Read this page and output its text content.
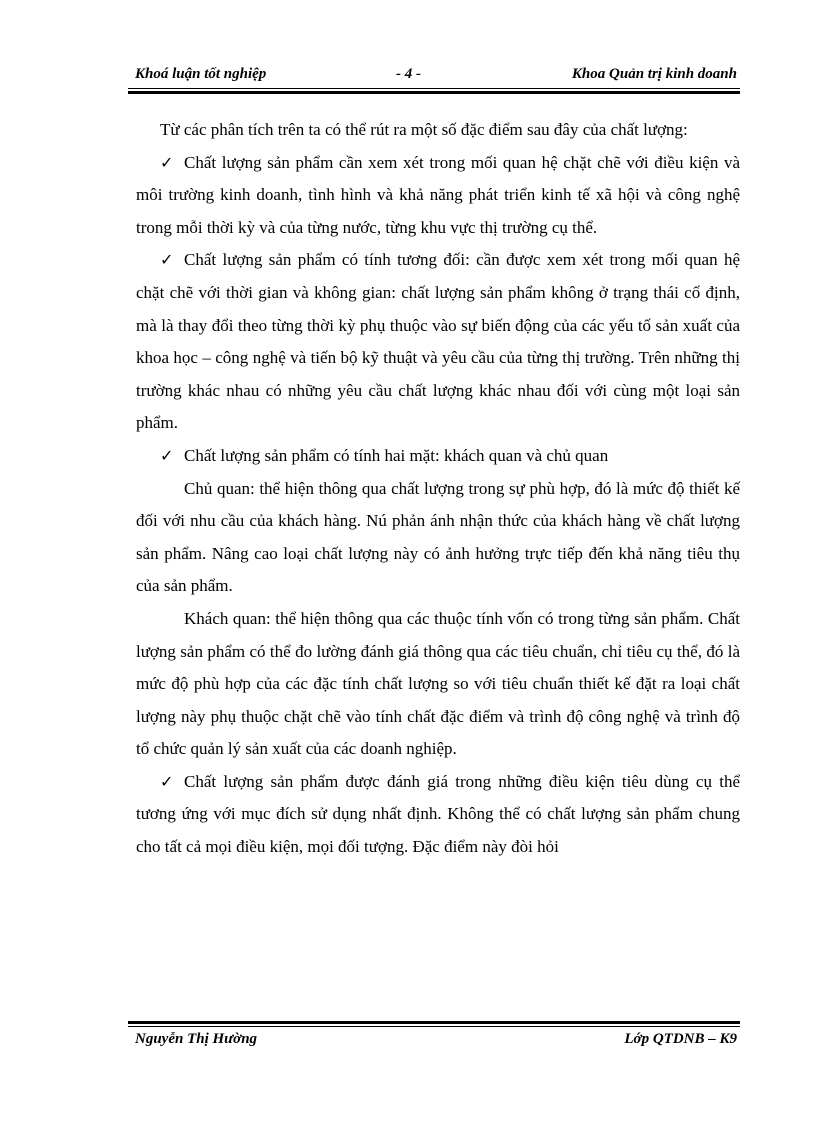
Khoá luận tốt nghiệp	- 4 -	Khoa Quản trị kinh doanh

Từ các phân tích trên ta có thể rút ra một số đặc điểm sau đây của chất lượng:

✓ Chất lượng sản phẩm cần xem xét trong mối quan hệ chặt chẽ với điều kiện và môi trường kinh doanh, tình hình và khả năng phát triển kinh tế xã hội và công nghệ trong mỗi thời kỳ và của từng nước, từng khu vực thị trường cụ thể.

✓ Chất lượng sản phẩm có tính tương đối: cần được xem xét trong mối quan hệ chặt chẽ với thời gian và không gian: chất lượng sản phẩm không ở trạng thái cố định, mà là thay đổi theo từng thời kỳ phụ thuộc vào sự biến động của các yếu tố sản xuất của khoa học – công nghệ và tiến bộ kỹ thuật và yêu cầu của từng thị trường. Trên những thị trường khác nhau có những yêu cầu chất lượng khác nhau đối với cùng một loại sản phẩm.

✓ Chất lượng sản phẩm có tính hai mặt: khách quan và chủ quan

Chủ quan: thể hiện thông qua chất lượng trong sự phù hợp, đó là mức độ thiết kế đối với nhu cầu của khách hàng. Nú phản ánh nhận thức của khách hàng về chất lượng sản phẩm. Nâng cao loại chất lượng này có ảnh hưởng trực tiếp đến khả năng tiêu thụ của sản phẩm.

Khách quan: thể hiện thông qua các thuộc tính vốn có trong từng sản phẩm. Chất lượng sản phẩm có thể đo lường đánh giá thông qua các tiêu chuẩn, chỉ tiêu cụ thể, đó là mức độ phù hợp của các đặc tính chất lượng so với tiêu chuẩn thiết kế đặt ra loại chất lượng này phụ thuộc chặt chẽ vào tính chất đặc điểm và trình độ công nghệ và trình độ tổ chức quản lý sản xuất của các doanh nghiệp.

✓ Chất lượng sản phẩm được đánh giá trong những điều kiện tiêu dùng cụ thể tương ứng với mục đích sử dụng nhất định. Không thể có chất lượng sản phẩm chung cho tất cả mọi điều kiện, mọi đối tượng. Đặc điểm này đòi hỏi

Nguyễn Thị Hường	Lớp QTDNB – K9
